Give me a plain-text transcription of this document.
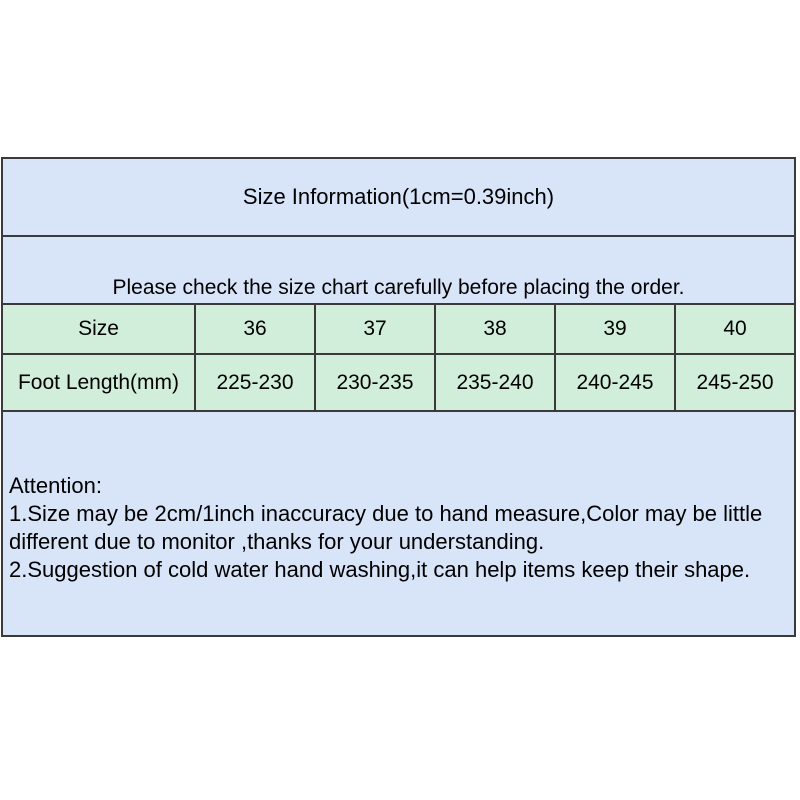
Size Information(1cm=0.39inch)
Please check the size chart carefully before placing the order.
Size	36	37	38	39	40
Foot Length(mm)	225-230	230-235	235-240	240-245	245-250
Attention:
1.Size may be 2cm/1inch inaccuracy due to hand measure,Color may be little
different due to monitor ,thanks for your understanding.
2.Suggestion of cold water hand washing,it can help items keep their shape.
